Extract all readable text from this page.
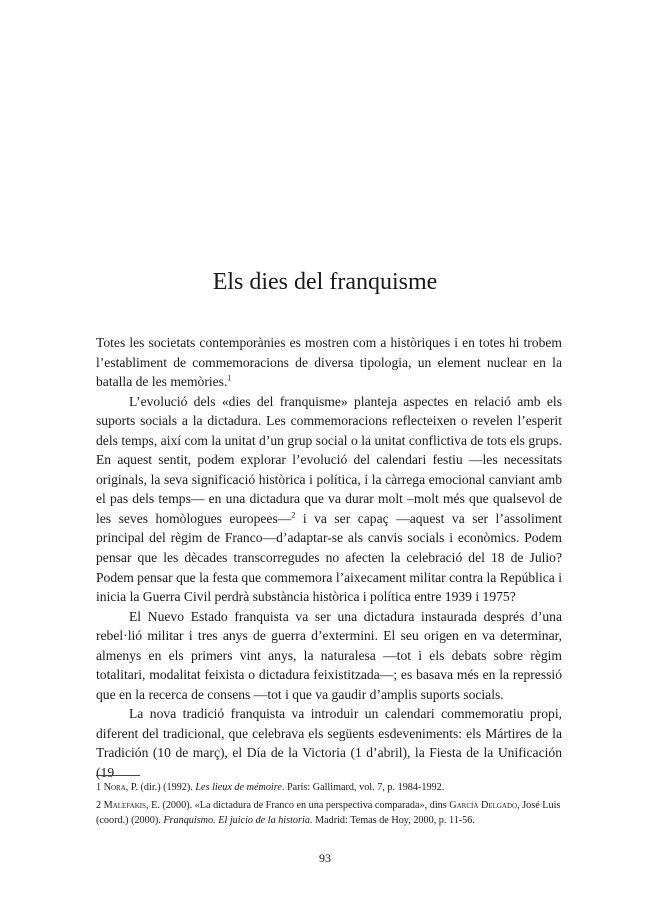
Els dies del franquisme

Totes les societats contemporànies es mostren com a històriques i en totes hi trobem l’establiment de commemoracions de diversa tipologia, un element nuclear en la batalla de les memòries.$^1$

L’evolució dels «dies del franquisme» planteja aspectes en relació amb els suports socials a la dictadura. Les commemoracions reflecteixen o revelen l’esperit dels temps, així com la unitat d’un grup social o la unitat conflictiva de tots els grups. En aquest sentit, podem explorar l’evolució del calendari festiu —les necessitats originals, la seva significació històrica i política, i la càrrega emocional canviant amb el pas dels temps— en una dictadura que va durar molt –molt més que qualsevol de les seves homòlogues europees—$^2$ i va ser capaç —aquest va ser l’assoliment principal del règim de Franco—d’adaptar-se als canvis socials i econòmics. Podem pensar que les dècades transcorregudes no afecten la celebració del 18 de Julio? Podem pensar que la festa que commemora l’aixecament militar contra la República i inicia la Guerra Civil perdrà substància històrica i política entre 1939 i 1975?

El Nuevo Estado franquista va ser una dictadura instaurada després d’una rebel·lió militar i tres anys de guerra d’extermini. El seu origen en va determinar, almenys en els primers vint anys, la naturalesa —tot i els debats sobre règim totalitari, modalitat feixista o dictadura feixistitzada—; es basava més en la repressió que en la recerca de consens —tot i que va gaudir d’amplis suports socials.

La nova tradició franquista va introduir un calendari commemoratiu propi, diferent del tradicional, que celebrava els següents esdeveniments: els Mártires de la Tradición (10 de març), el Día de la Victoria (1 d’abril), la Fiesta de la Unificación (19

1 Nora, P. (dir.) (1992). Les lieux de mémoire. París: Gallimard, vol. 7, p. 1984-1992.
2 Malefakis, E. (2000). «La dictadura de Franco en una perspectiva comparada», dins García Delgado, José Luis (coord.) (2000). Franquismo. El juicio de la historia. Madrid: Temas de Hoy, 2000, p. 11-56.
93
